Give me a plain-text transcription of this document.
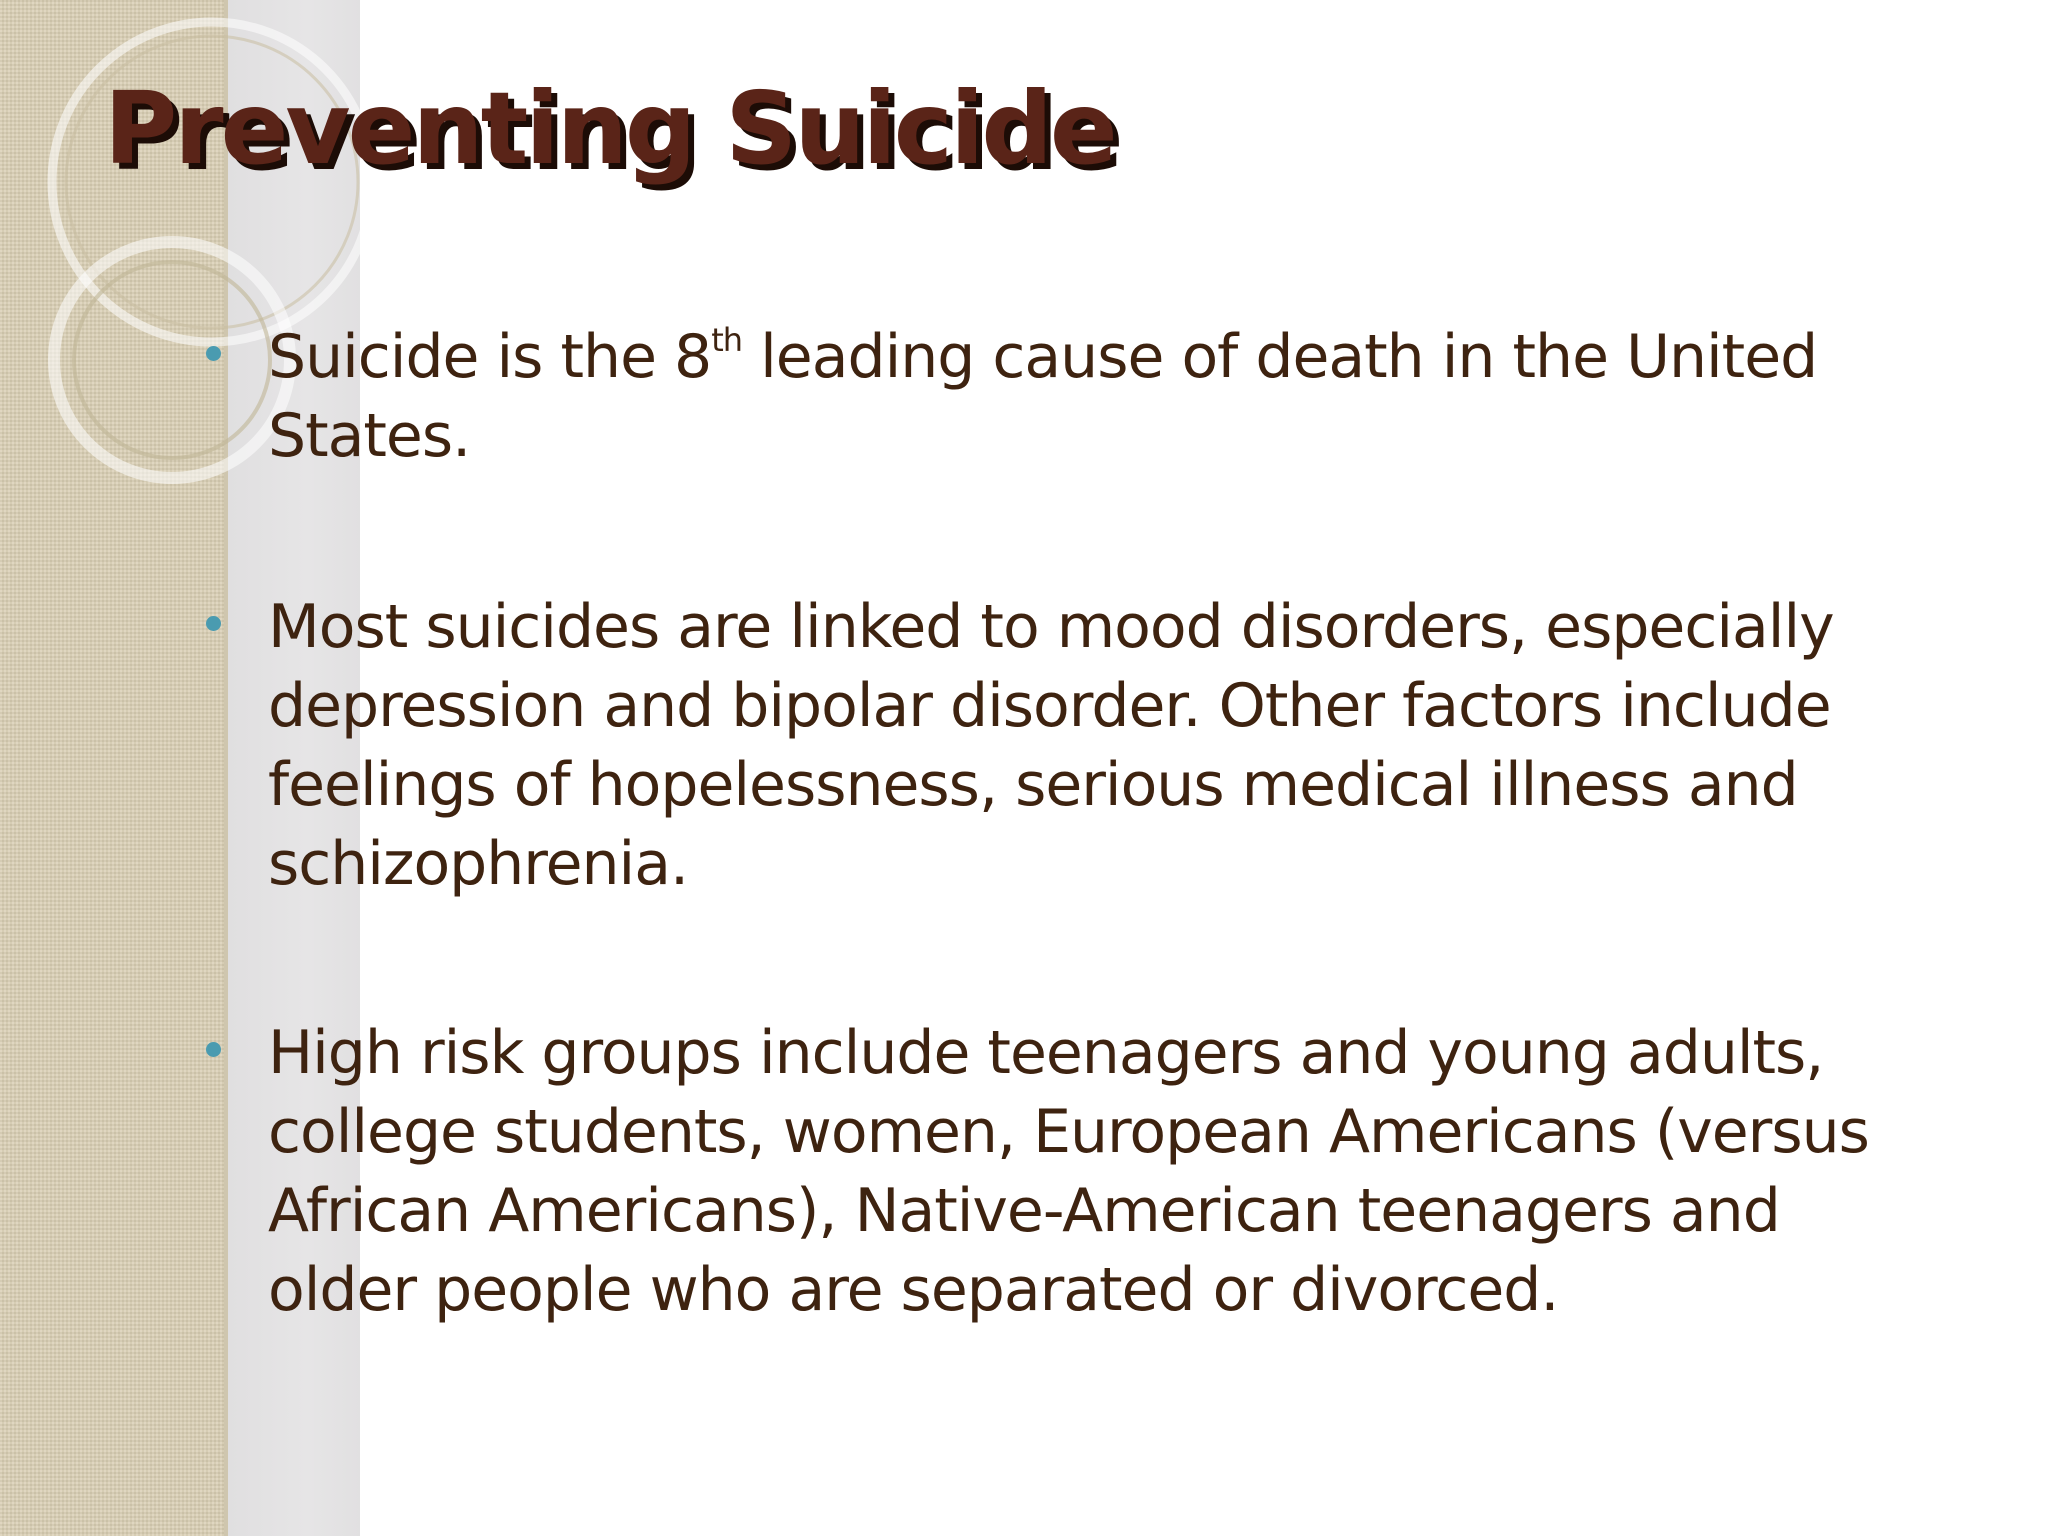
Preventing Suicide
Suicide is the 8th leading cause of death in the United States.
Most suicides are linked to mood disorders, especially depression and bipolar disorder. Other factors include feelings of hopelessness, serious medical illness and schizophrenia.
High risk groups include teenagers and young adults, college students, women, European Americans (versus African Americans), Native-American teenagers and older people who are separated or divorced.
